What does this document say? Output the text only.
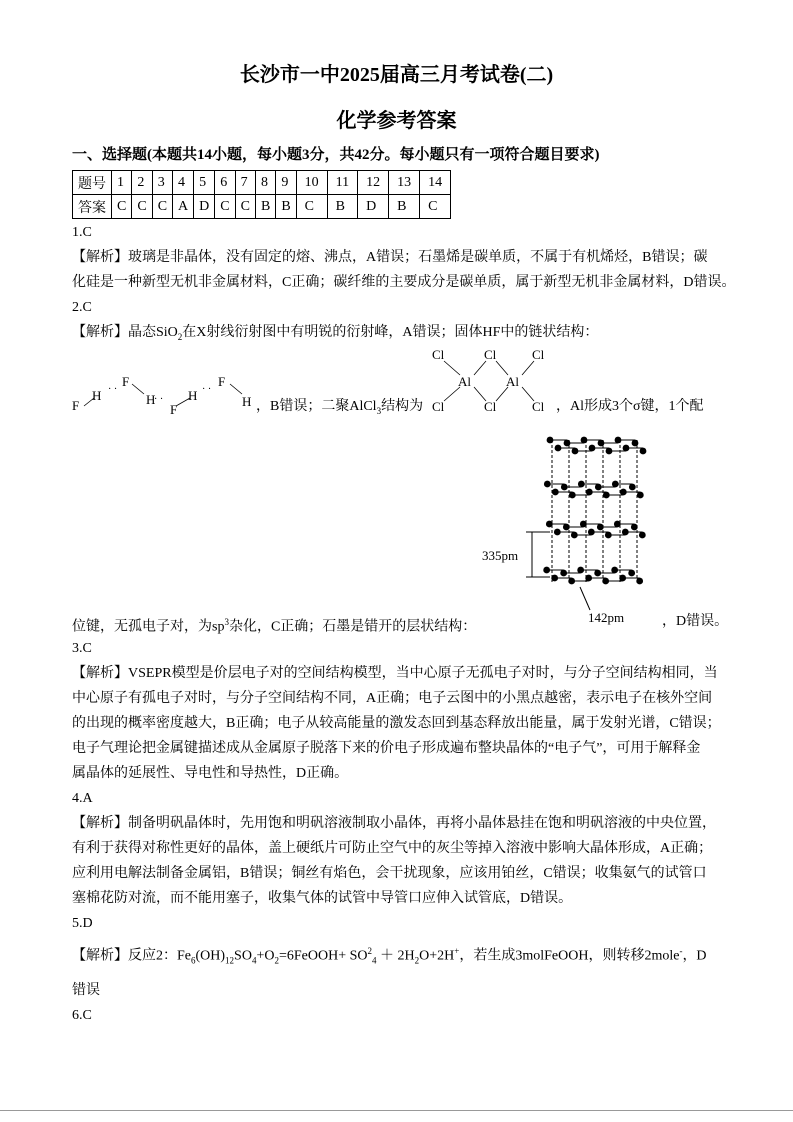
长沙市一中2025届高三月考试卷(二)
化学参考答案
一、选择题(本题共14小题，每小题3分，共42分。每小题只有一项符合题目要求)
题号	1	2	3	4	5	6	7	8	9	10	11	12	13	14
答案	C	C	C	A	D	C	C	B	B	C	B	D	B	C
1.C
【解析】玻璃是非晶体，没有固定的熔、沸点，A错误；石墨烯是碳单质，不属于有机烯烃，B错误；碳
化硅是一种新型无机非金属材料，C正确；碳纤维的主要成分是碳单质，属于新型无机非金属材料，D错误。
2.C
【解析】晶态SiO$_2$在X射线衍射图中有明锐的衍射峰，A错误；固体HF中的链状结构：
，B错误；二聚AlCl$_3$结构为	，Al形成3个σ键，1个配
位键，无孤电子对，为$sp^3$杂化，C正确；石墨是错开的层状结构：	，D错误。
3.C
【解析】VSEPR模型是价层电子对的空间结构模型，当中心原子无孤电子对时，与分子空间结构相同，当
中心原子有孤电子对时，与分子空间结构不同，A正确；电子云图中的小黑点越密，表示电子在核外空间
的出现的概率密度越大，B正确；电子从较高能量的激发态回到基态释放出能量，属于发射光谱，C错误；
电子气理论把金属键描述成从金属原子脱落下来的价电子形成遍布整块晶体的“电子气”，可用于解释金
属晶体的延展性、导电性和导热性，D正确。
4.A
【解析】制备明矾晶体时，先用饱和明矾溶液制取小晶体，再将小晶体悬挂在饱和明矾溶液的中央位置，
有利于获得对称性更好的晶体，盖上硬纸片可防止空气中的灰尘等掉入溶液中影响大晶体形成，A正确；
应利用电解法制备金属铝，B错误；铜丝有焰色，会干扰现象，应该用铂丝，C错误；收集氨气的试管口
塞棉花防对流，而不能用塞子，收集气体的试管中导管口应伸入试管底，D错误。
5.D
【解析】反应2：$Fe_6(OH)_{12}SO_4+O_2=6FeOOH+ SO^2_4 + 2H_2O+2H^+$，若生成3molFeOOH，则转移2mole-，D
错误
6.C
F
H
F
H
F
H
F
H
· ·
· ·
· ·
Cl	Cl	Cl
Al	Al
Cl	Cl	Cl
335pm
142pm
